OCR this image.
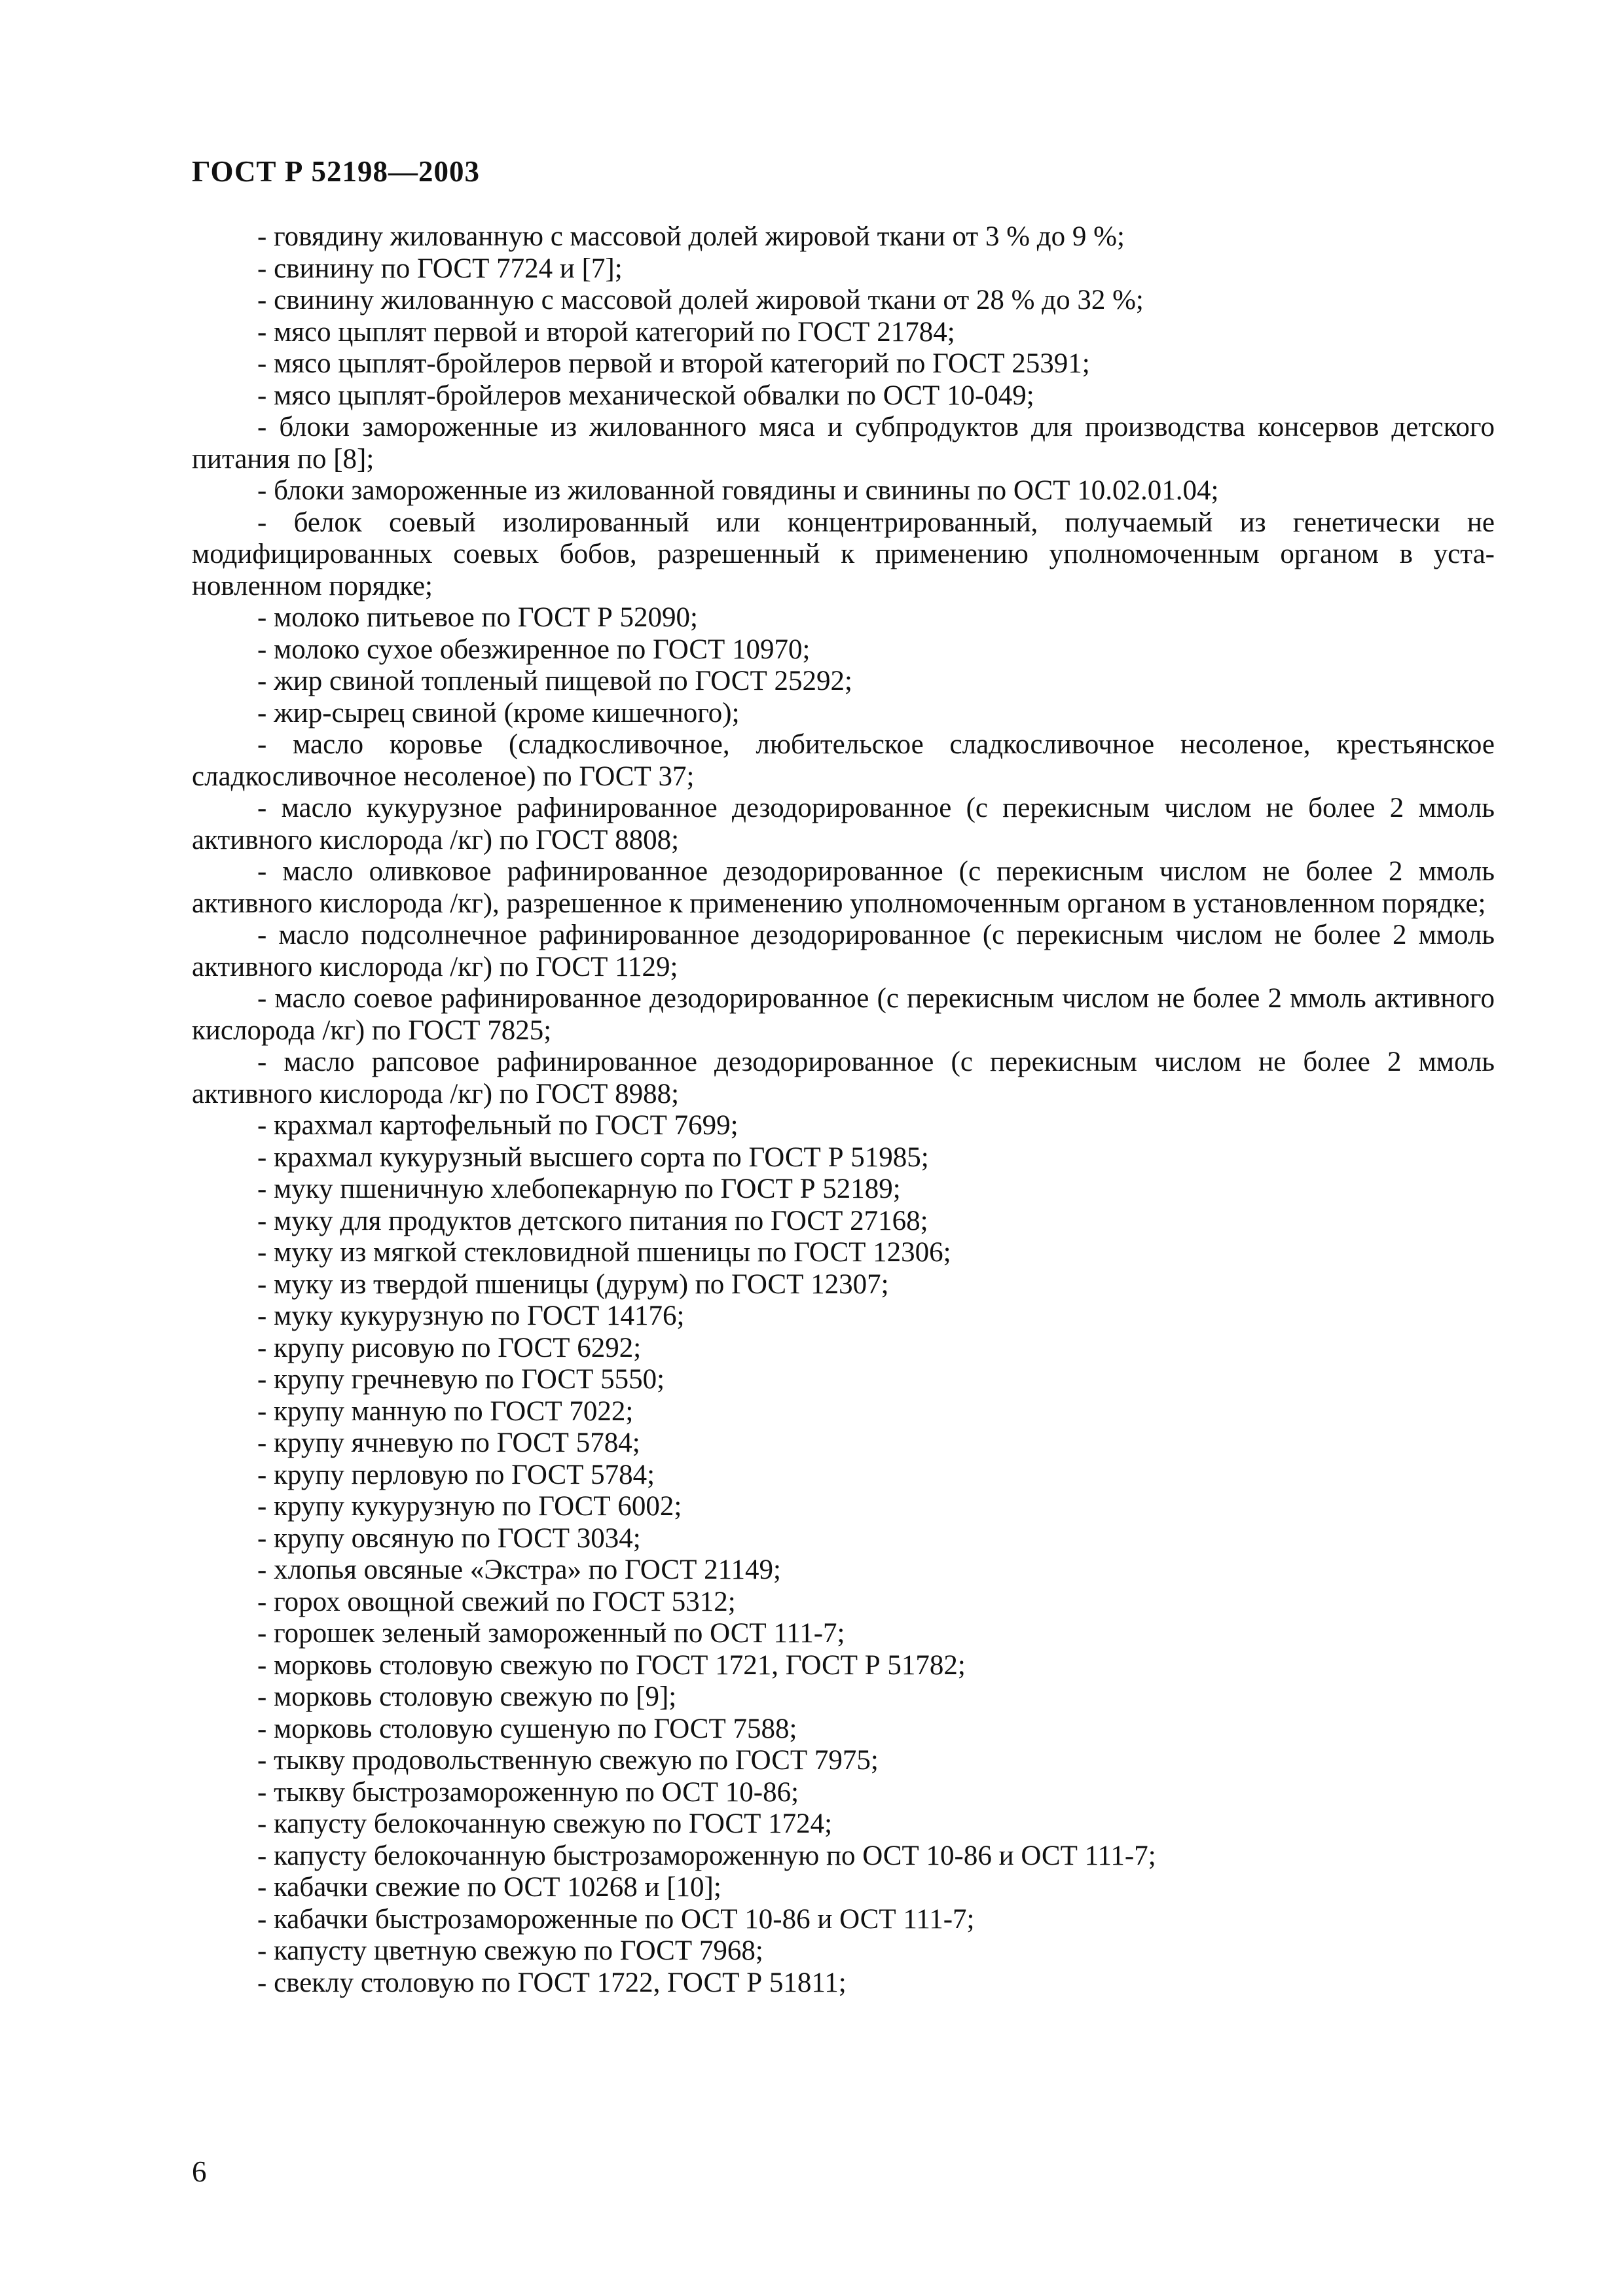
ГОСТ Р 52198—2003

- говядину жилованную с массовой долей жировой ткани от 3 % до 9 %;

- свинину по ГОСТ 7724 и [7];

- свинину жилованную с массовой долей жировой ткани от 28 % до 32 %;

- мясо цыплят первой и второй категорий по ГОСТ 21784;

- мясо цыплят-бройлеров первой и второй категорий по ГОСТ 25391;

- мясо цыплят-бройлеров механической обвалки по ОСТ 10-049;

- блоки замороженные из жилованного мяса и субпродуктов для производства консервов детского питания по [8];

- блоки замороженные из жилованной говядины и свинины по ОСТ 10.02.01.04;

- белок соевый изолированный или концентрированный, получаемый из генетически не модифицированных соевых бобов, разрешенный к применению уполномоченным органом в уста-новленном порядке;

- молоко питьевое по ГОСТ Р 52090;

- молоко сухое обезжиренное по ГОСТ 10970;

- жир свиной топленый пищевой по ГОСТ 25292;

- жир-сырец свиной (кроме кишечного);

- масло коровье (сладкосливочное, любительское сладкосливочное несоленое, крестьянское сладкосливочное несоленое) по ГОСТ 37;

- масло кукурузное рафинированное дезодорированное (с перекисным числом не более 2 ммоль активного кислорода /кг) по ГОСТ 8808;

- масло оливковое рафинированное дезодорированное (с перекисным числом не более 2 ммоль активного кислорода /кг), разрешенное к применению уполномоченным органом в установленном порядке;

- масло подсолнечное рафинированное дезодорированное (с перекисным числом не более 2 ммоль активного кислорода /кг) по ГОСТ 1129;

- масло соевое рафинированное дезодорированное (с перекисным числом не более 2 ммоль активного кислорода /кг) по ГОСТ 7825;

- масло рапсовое рафинированное дезодорированное (с перекисным числом не более 2 ммоль активного кислорода /кг) по ГОСТ 8988;

- крахмал картофельный по ГОСТ 7699;

- крахмал кукурузный высшего сорта по ГОСТ Р 51985;

- муку пшеничную хлебопекарную по ГОСТ Р 52189;

- муку для продуктов детского питания по ГОСТ 27168;

- муку из мягкой стекловидной пшеницы по ГОСТ 12306;

- муку из твердой пшеницы (дурум) по ГОСТ 12307;

- муку кукурузную по ГОСТ 14176;

- крупу рисовую по ГОСТ 6292;

- крупу гречневую по ГОСТ 5550;

- крупу манную по ГОСТ 7022;

- крупу ячневую по ГОСТ 5784;

- крупу перловую по ГОСТ 5784;

- крупу кукурузную по ГОСТ 6002;

- крупу овсяную по ГОСТ 3034;

- хлопья овсяные «Экстра» по ГОСТ 21149;

- горох овощной свежий по ГОСТ 5312;

- горошек зеленый замороженный по ОСТ 111-7;

- морковь столовую свежую по ГОСТ 1721, ГОСТ Р 51782;

- морковь столовую свежую по [9];

- морковь столовую сушеную по ГОСТ 7588;

- тыкву продовольственную свежую по ГОСТ 7975;

- тыкву быстрозамороженную по ОСТ 10-86;

- капусту белокочанную свежую по ГОСТ 1724;

- капусту белокочанную быстрозамороженную по ОСТ 10-86 и ОСТ 111-7;

- кабачки свежие по ОСТ 10268 и [10];

- кабачки быстрозамороженные по ОСТ 10-86 и ОСТ 111-7;

- капусту цветную свежую по ГОСТ 7968;

- свеклу столовую по ГОСТ 1722, ГОСТ Р 51811;

6
